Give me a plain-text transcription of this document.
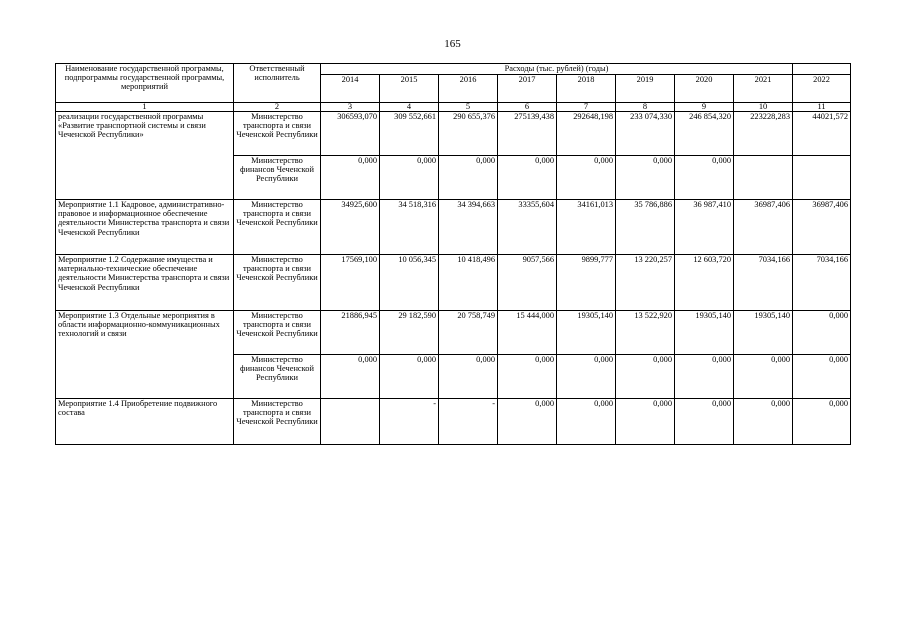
165
Наименование государственной программы, подпрограммы государственной программы, мероприятий	Ответственный исполнитель	Расходы (тыс. рублей) (годы)								
		2014	2015	2016	2017	2018	2019	2020	2021	2022
1	2	3	4	5	6	7	8	9	10	11
реализации государственной программы «Развитие транспортной системы и связи Чеченской Республики»	Министерство транспорта и связи Чеченской Республики	306593,070	309 552,661	290 655,376	275139,438	292648,198	233 074,330	246 854,320	223228,283	44021,572
	Министерство финансов Чеченской Республики	0,000	0,000	0,000	0,000	0,000	0,000	0,000		
Мероприятие 1.1 Кадровое, административно-правовое и информационное обеспечение деятельности Министерства транспорта и связи Чеченской Республики	Министерство транспорта и связи Чеченской Республики	34925,600	34 518,316	34 394,663	33355,604	34161,013	35 786,886	36 987,410	36987,406	36987,406
Мероприятие 1.2 Содержание имущества и материально-технические обеспечение деятельности Министерства транспорта и связи Чеченской Республики	Министерство транспорта и связи Чеченской Республики	17569,100	10 056,345	10 418,496	9057,566	9899,777	13 220,257	12 603,720	7034,166	7034,166
Мероприятие 1.3 Отдельные мероприятия в области информационно-коммуникационных технологий и связи	Министерство транспорта и связи Чеченской Республики	21886,945	29 182,590	20 758,749	15 444,000	19305,140	13 522,920	19305,140	19305,140	0,000
	Министерство финансов Чеченской Республики	0,000	0,000	0,000	0,000	0,000	0,000	0,000	0,000	0,000
Мероприятие 1.4 Приобретение подвижного состава	Министерство транспорта и связи Чеченской Республики		-	-	0,000	0,000	0,000	0,000	0,000	0,000
